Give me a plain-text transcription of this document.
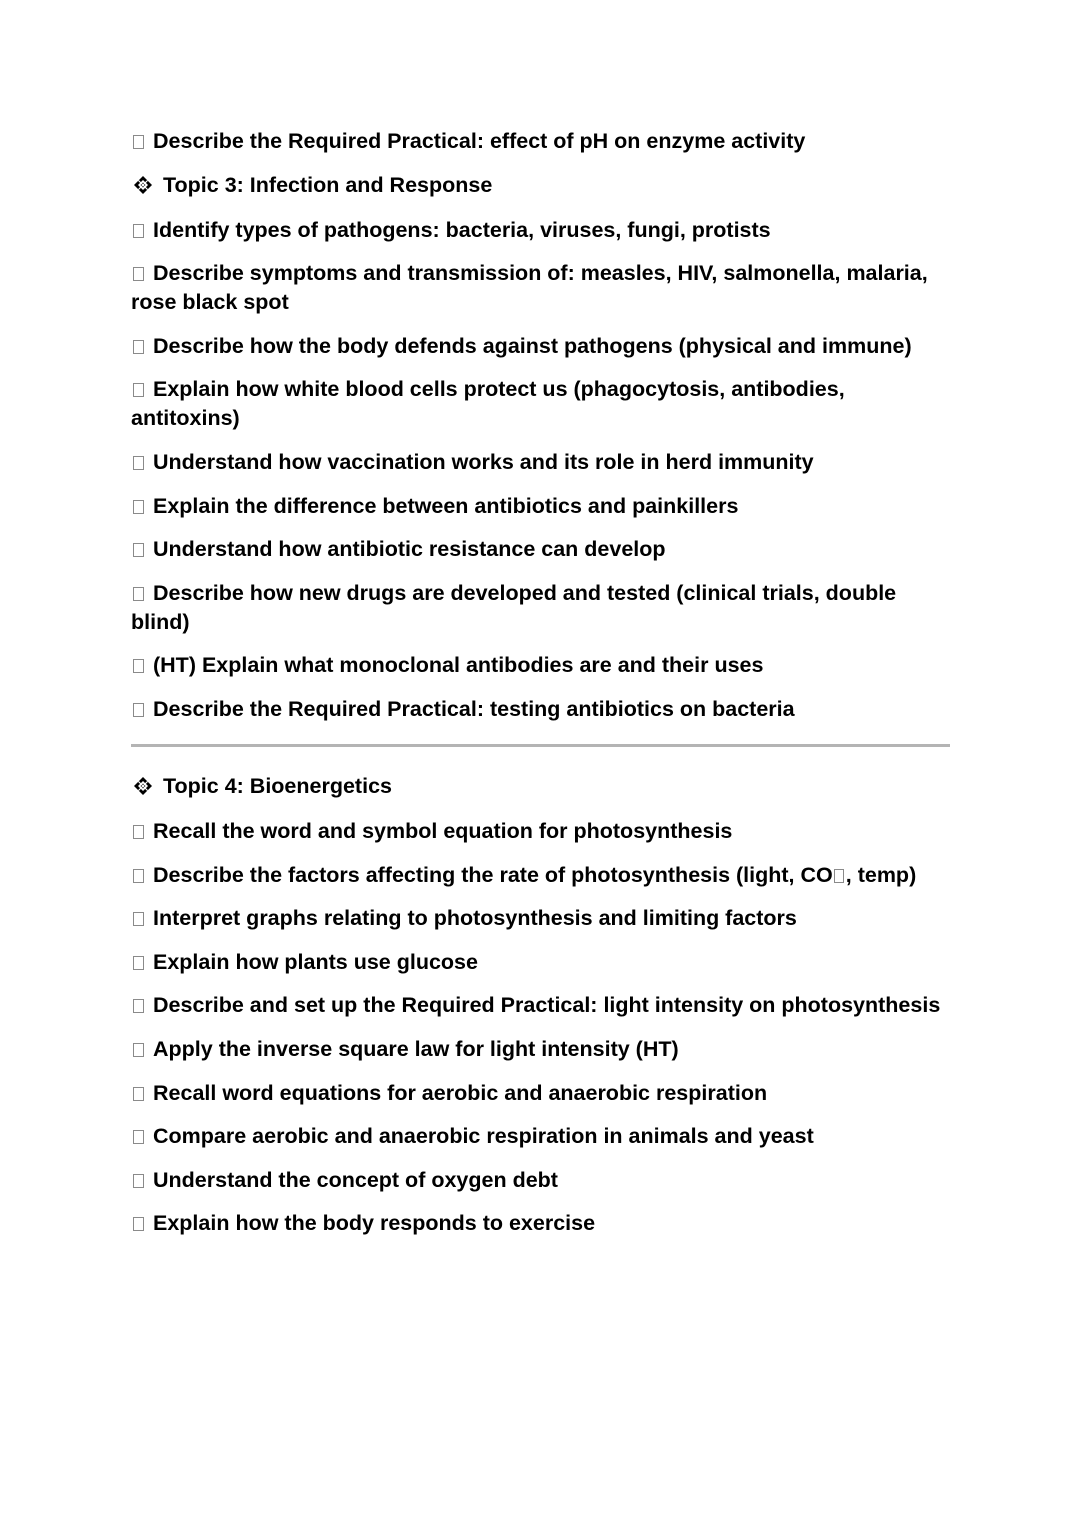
Describe the Required Practical: effect of pH on enzyme activity
Topic 3: Infection and Response
Identify types of pathogens: bacteria, viruses, fungi, protists
Describe symptoms and transmission of: measles, HIV, salmonella, malaria, rose black spot
Describe how the body defends against pathogens (physical and immune)
Explain how white blood cells protect us (phagocytosis, antibodies, antitoxins)
Understand how vaccination works and its role in herd immunity
Explain the difference between antibiotics and painkillers
Understand how antibiotic resistance can develop
Describe how new drugs are developed and tested (clinical trials, double blind)
(HT) Explain what monoclonal antibodies are and their uses
Describe the Required Practical: testing antibiotics on bacteria
Topic 4: Bioenergetics
Recall the word and symbol equation for photosynthesis
Describe the factors affecting the rate of photosynthesis (light, CO , temp)
Interpret graphs relating to photosynthesis and limiting factors
Explain how plants use glucose
Describe and set up the Required Practical: light intensity on photosynthesis
Apply the inverse square law for light intensity (HT)
Recall word equations for aerobic and anaerobic respiration
Compare aerobic and anaerobic respiration in animals and yeast
Understand the concept of oxygen debt
Explain how the body responds to exercise
